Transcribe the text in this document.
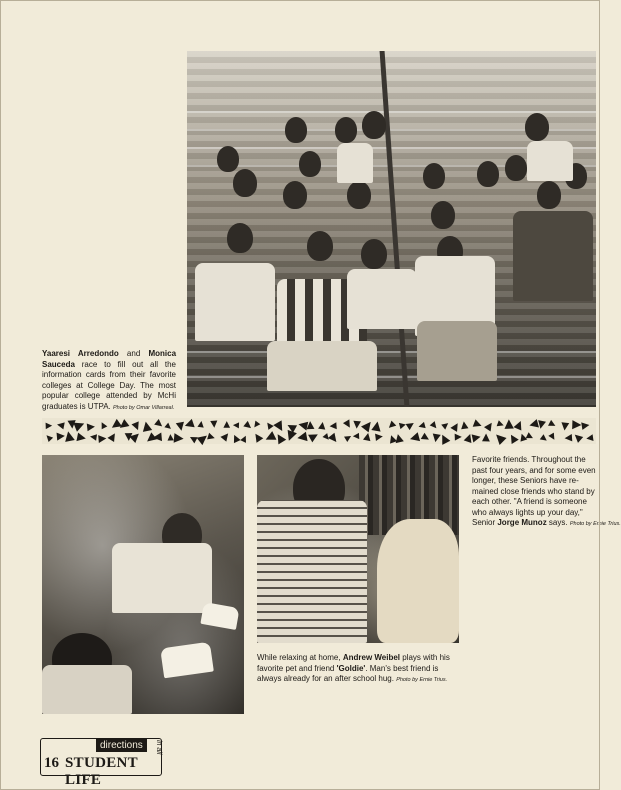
Yaaresi Arredondo and Monica Sauceda race to fill out all the information cards from their favorite colleges at College Day. The most popular college attended by McHi graduates is UTPA. Photo by Omar Villarreal.
While relaxing at home, Andrew Weibel plays with his favorite pet and friend 'Goldie'. Man's best friend is always already for an after school hug. Photo by Ernie Trius.
Favorite friends. Throughout the
past four years, and for some even
longer, these Seniors have re-
mained close friends who stand by
each other. "A friend is someone
who always lights up your day,"
Senior Jorge Munoz says. Photo by Ernie Trius.
directions	in all
16 STUDENT LIFE
